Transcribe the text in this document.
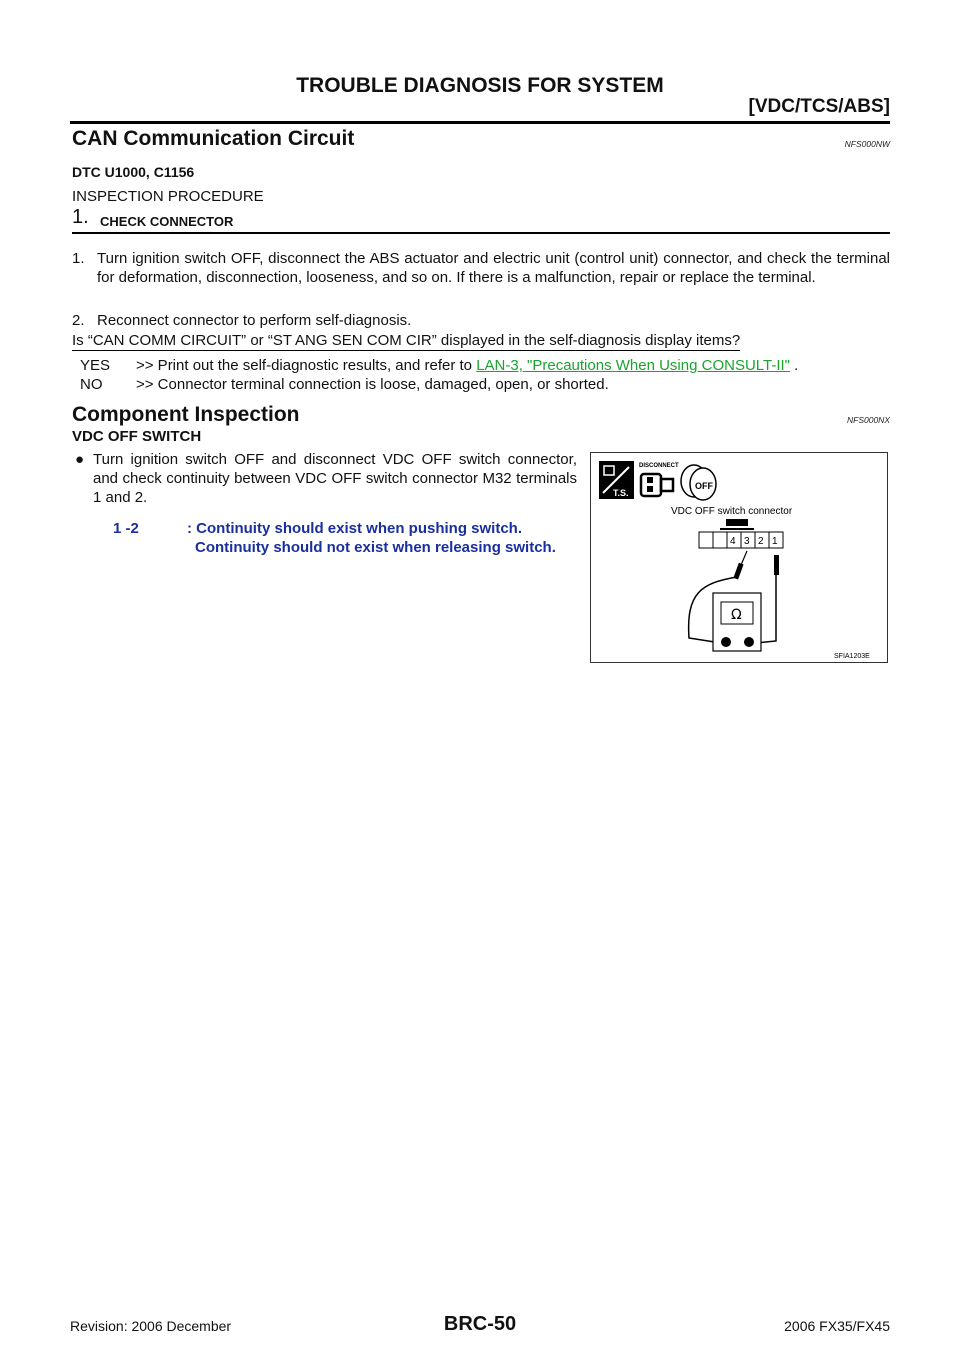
TROUBLE DIAGNOSIS FOR SYSTEM
[VDC/TCS/ABS]
CAN Communication Circuit	NFS000NW
DTC U1000, C1156
INSPECTION PROCEDURE
1. CHECK CONNECTOR
1. Turn ignition switch OFF, disconnect the ABS actuator and electric unit (control unit) connector, and check the terminal for deformation, disconnection, looseness, and so on. If there is a malfunction, repair or replace the terminal.
2. Reconnect connector to perform self-diagnosis.
Is “CAN COMM CIRCUIT” or “ST ANG SEN COM CIR” displayed in the self-diagnosis display items?
YES >> Print out the self-diagnostic results, and refer to LAN-3, "Precautions When Using CONSULT-II" .
NO >> Connector terminal connection is loose, damaged, open, or shorted.
Component Inspection	NFS000NX
VDC OFF SWITCH
● Turn ignition switch OFF and disconnect VDC OFF switch connector, and check continuity between VDC OFF switch connector M32 terminals 1 and 2.
1 -2	: Continuity should exist when pushing switch.
Continuity should not exist when releasing switch.
T.S.
DISCONNECT
OFF
VDC OFF switch connector
4 3 2 1
Ω
SFIA1203E
Revision: 2006 December	BRC-50	2006 FX35/FX45
